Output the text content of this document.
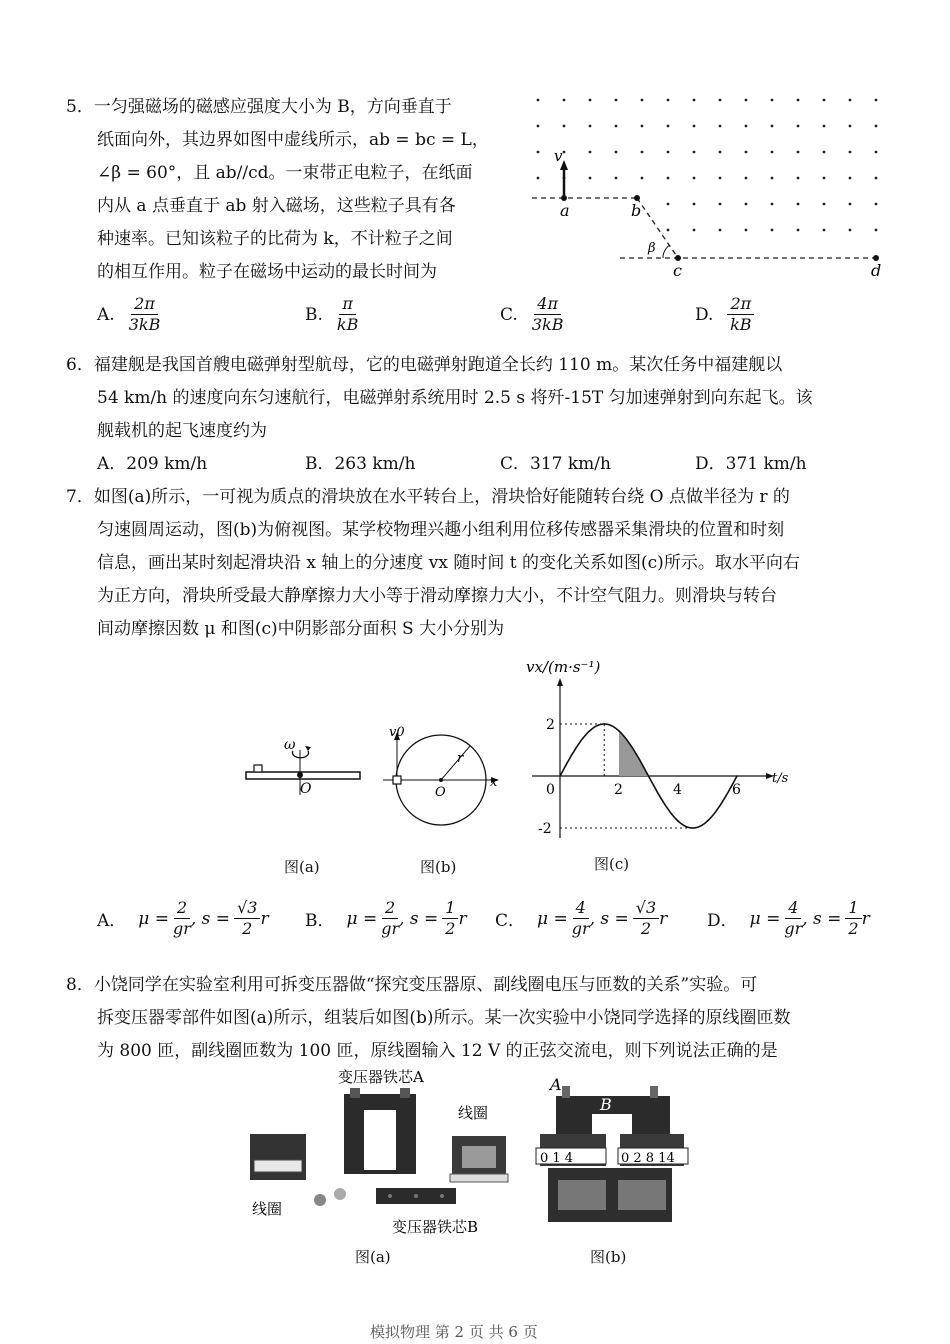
5．一匀强磁场的磁感应强度大小为 B，方向垂直于
纸面向外，其边界如图中虚线所示，ab = bc = L，
∠β = 60°，且 ab//cd。一束带正电粒子，在纸面
内从 a 点垂直于 ab 射入磁场，这些粒子具有各
种速率。已知该粒子的比荷为 k，不计粒子之间
的相互作用。粒子在磁场中运动的最长时间为
v
a	b
c	d
β
A. $\frac{2\pi}{3kB}$	B. $\frac{\pi}{kB}$	C. $\frac{4\pi}{3kB}$	D. $\frac{2\pi}{kB}$
6．福建舰是我国首艘电磁弹射型航母，它的电磁弹射跑道全长约 110 m。某次任务中福建舰以
54 km/h 的速度向东匀速航行，电磁弹射系统用时 2.5 s 将歼-15T 匀加速弹射到向东起飞。该
舰载机的起飞速度约为
A．209 km/h	B．263 km/h	C．317 km/h	D．371 km/h
7．如图(a)所示，一可视为质点的滑块放在水平转台上，滑块恰好能随转台绕 O 点做半径为 r 的
匀速圆周运动，图(b)为俯视图。某学校物理兴趣小组利用位移传感器采集滑块的位置和时刻
信息，画出某时刻起滑块沿 x 轴上的分速度 vx 随时间 t 的变化关系如图(c)所示。取水平向右
为正方向，滑块所受最大静摩擦力大小等于滑动摩擦力大小，不计空气阻力。则滑块与转台
间动摩擦因数 μ 和图(c)中阴影部分面积 S 大小分别为
ω
O
图(a)
v0
r
O
x
图(b)
0	2	4	6
2
-2
vx/(m·s⁻¹)
t/s
图(c)
A． $\mu = \frac{2}{gr}$ , $s = \frac{√3}{2}$ r B． $\mu = \frac{2}{gr}$ , $s = \frac{1}{2}$ r C． $\mu = \frac{4}{gr}$ , $s = \frac{√3}{2}$ r D． $\mu = \frac{4}{gr}$ , $s = \frac{1}{2}$ r
8．小饶同学在实验室利用可拆变压器做“探究变压器原、副线圈电压与匝数的关系”实验。可
拆变压器零部件如图(a)所示，组装后如图(b)所示。某一次实验中小饶同学选择的原线圈匝数
为 800 匝，副线圈匝数为 100 匝，原线圈输入 12 V 的正弦交流电，则下列说法正确的是
变压器铁芯A
线圈
线圈
变压器铁芯B
图(a)
A
B
0 1 4	0 2 8 14
图(b)
模拟物理 第 2 页 共 6 页
